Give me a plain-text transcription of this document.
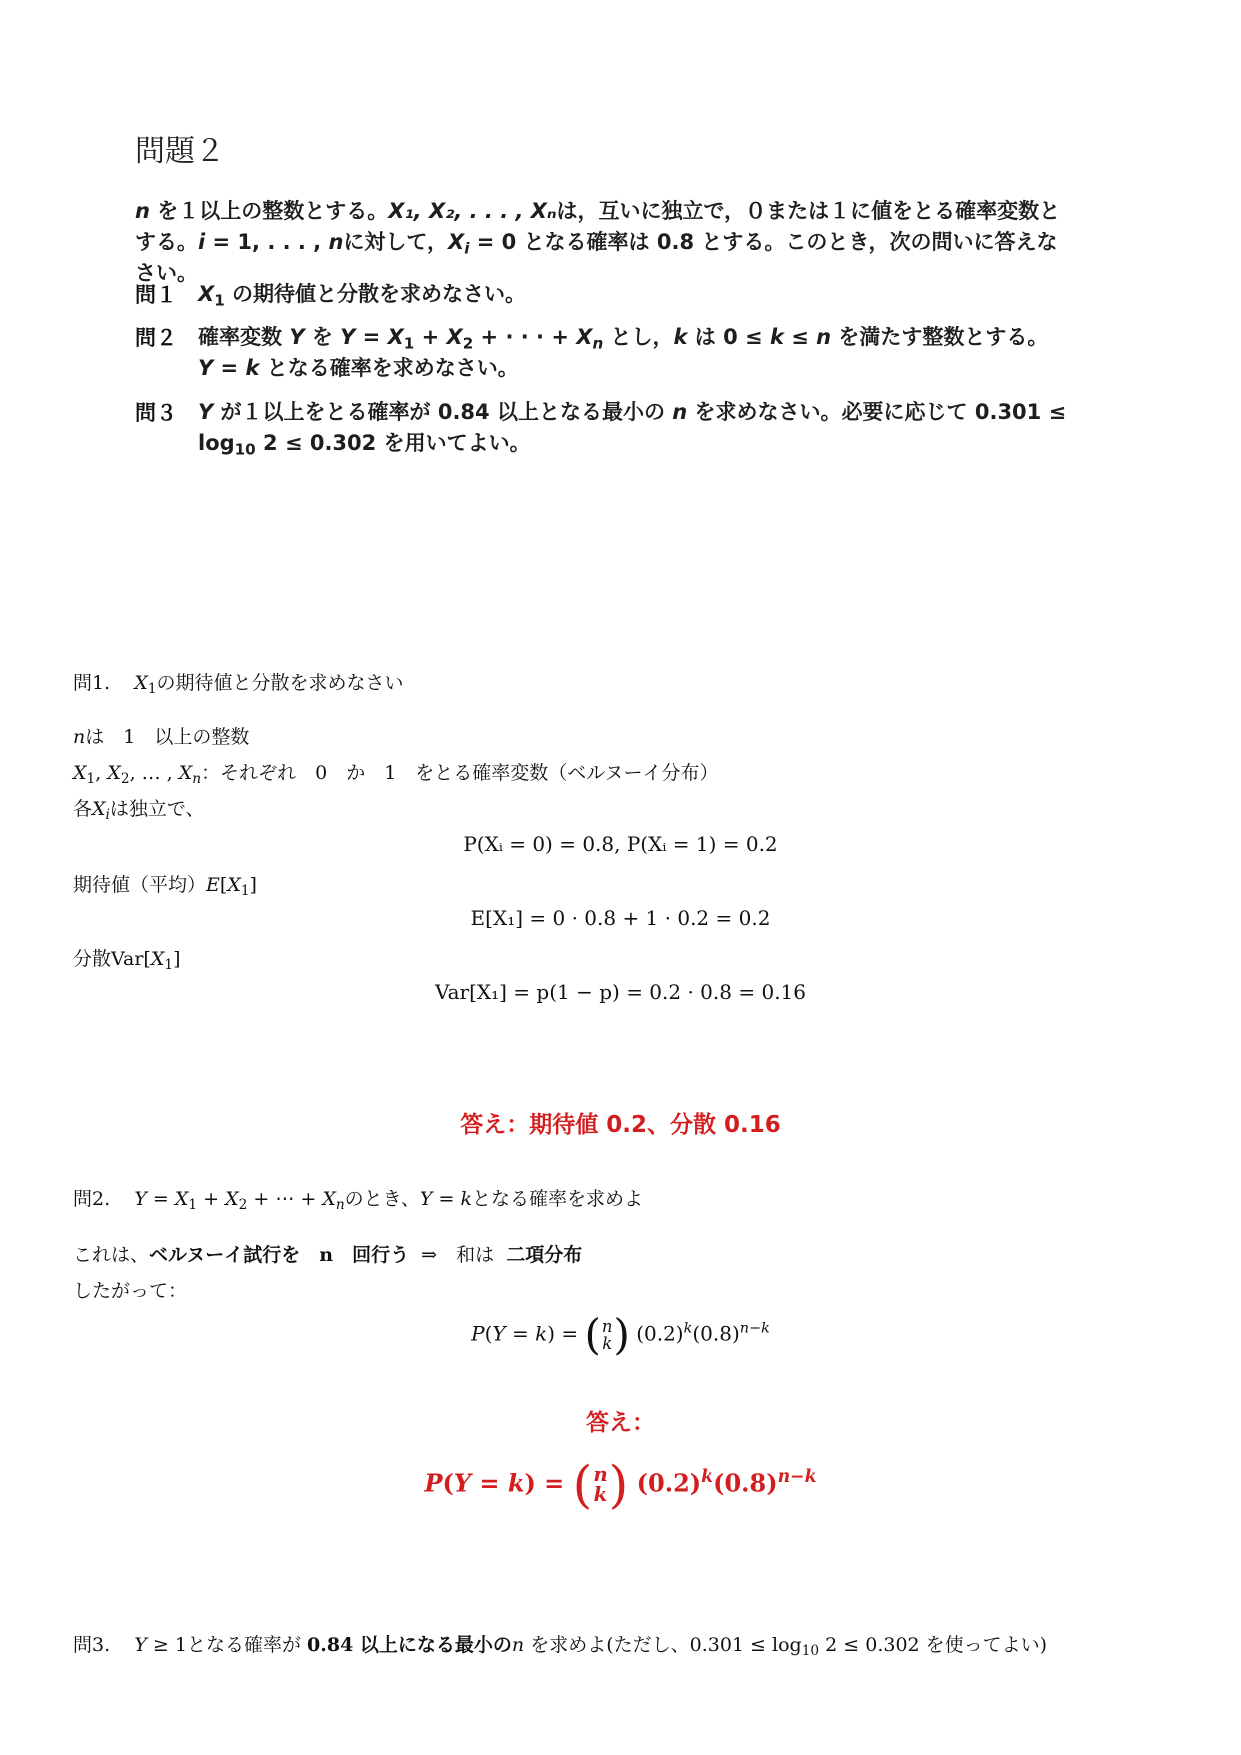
問題２
n を１以上の整数とする。X₁, X₂, . . . , Xₙは，互いに独立で，０または１に値をとる確率変数とする。i = 1, . . . , nに対して，$X_i = 0$ となる確率は 0.8 とする。このとき，次の問いに答えなさい。
問１ $X_1$ の期待値と分散を求めなさい。
問２ 確率変数 Y を $Y = X_1 + X_2$ + · · · + $X_n$ とし，k は 0 ≤ k ≤ n を満たす整数とする。
Y = k となる確率を求めなさい。
問３ Y が１以上をとる確率が 0.84 以上となる最小の n を求めなさい。必要に応じて 0.301 ≤
$\log_{10} 2 \le 0.302$ を用いてよい。
問1. $X_1$の期待値と分散を求めなさい
nは　1　以上の整数
$X_1$, $X_2$, … , $X_n$：それぞれ　0　か　1　をとる確率変数（ベルヌーイ分布）
各$X_i$は独立で、
P(Xᵢ = 0) = 0.8, P(Xᵢ = 1) = 0.2
期待値（平均）$E[X_1]$
E[X₁] = 0 · 0.8 + 1 · 0.2 = 0.2
分散$Var[X_1]$
Var[X₁] = p(1 − p) = 0.2 · 0.8 = 0.16
答え：期待値 0.2、分散 0.16
問2. $Y = X_1 + X_2$ + ⋯ + $X_n$のとき、Y = kとなる確率を求めよ
これは、ベルヌーイ試行を　n　回行う ⇒　和は 二項分布
したがって：
P(Y = k) = ( n
k ) $(0.2)^k(0.8)^{n-k}$
答え：
P(Y = k) = ( n
k ) $(0.2)^k(0.8)^{n-k}$
問3. Y ≥ 1となる確率が 0.84 以上になる最小のn を求めよ(ただし、$0.301 \le \log_{10} 2 \le 0.302$ を使ってよい)
